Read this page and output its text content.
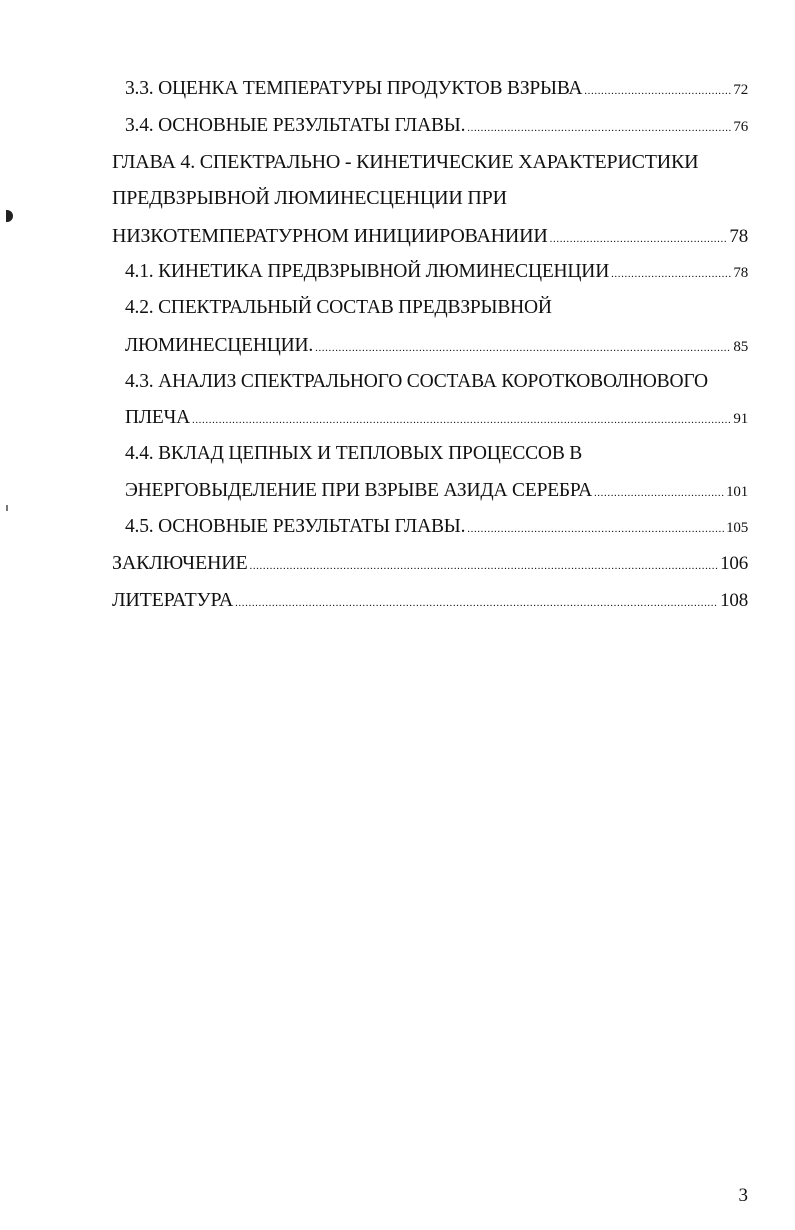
3.3. ОЦЕНКА ТЕМПЕРАТУРЫ ПРОДУКТОВ ВЗРЫВА .....	72
3.4. ОСНОВНЫЕ РЕЗУЛЬТАТЫ ГЛАВЫ. .....	76
ГЛАВА 4. СПЕКТРАЛЬНО - КИНЕТИЧЕСКИЕ ХАРАКТЕРИСТИКИ
ПРЕДВЗРЫВНОЙ ЛЮМИНЕСЦЕНЦИИ ПРИ
НИЗКОТЕМПЕРАТУРНОМ ИНИЦИИРОВАНИИИ .....	78
4.1. КИНЕТИКА ПРЕДВЗРЫВНОЙ ЛЮМИНЕСЦЕНЦИИ .....	78
4.2. СПЕКТРАЛЬНЫЙ СОСТАВ ПРЕДВЗРЫВНОЙ
ЛЮМИНЕСЦЕНЦИИ. .....	85
4.3. АНАЛИЗ СПЕКТРАЛЬНОГО СОСТАВА КОРОТКОВОЛНОВОГО
ПЛЕЧА .....	91
4.4. ВКЛАД ЦЕПНЫХ И ТЕПЛОВЫХ ПРОЦЕССОВ В
ЭНЕРГОВЫДЕЛЕНИЕ ПРИ ВЗРЫВЕ АЗИДА СЕРЕБРА .....	101
4.5. ОСНОВНЫЕ РЕЗУЛЬТАТЫ ГЛАВЫ. .....	105
ЗАКЛЮЧЕНИЕ .....	106
ЛИТЕРАТУРА .....	108
3
